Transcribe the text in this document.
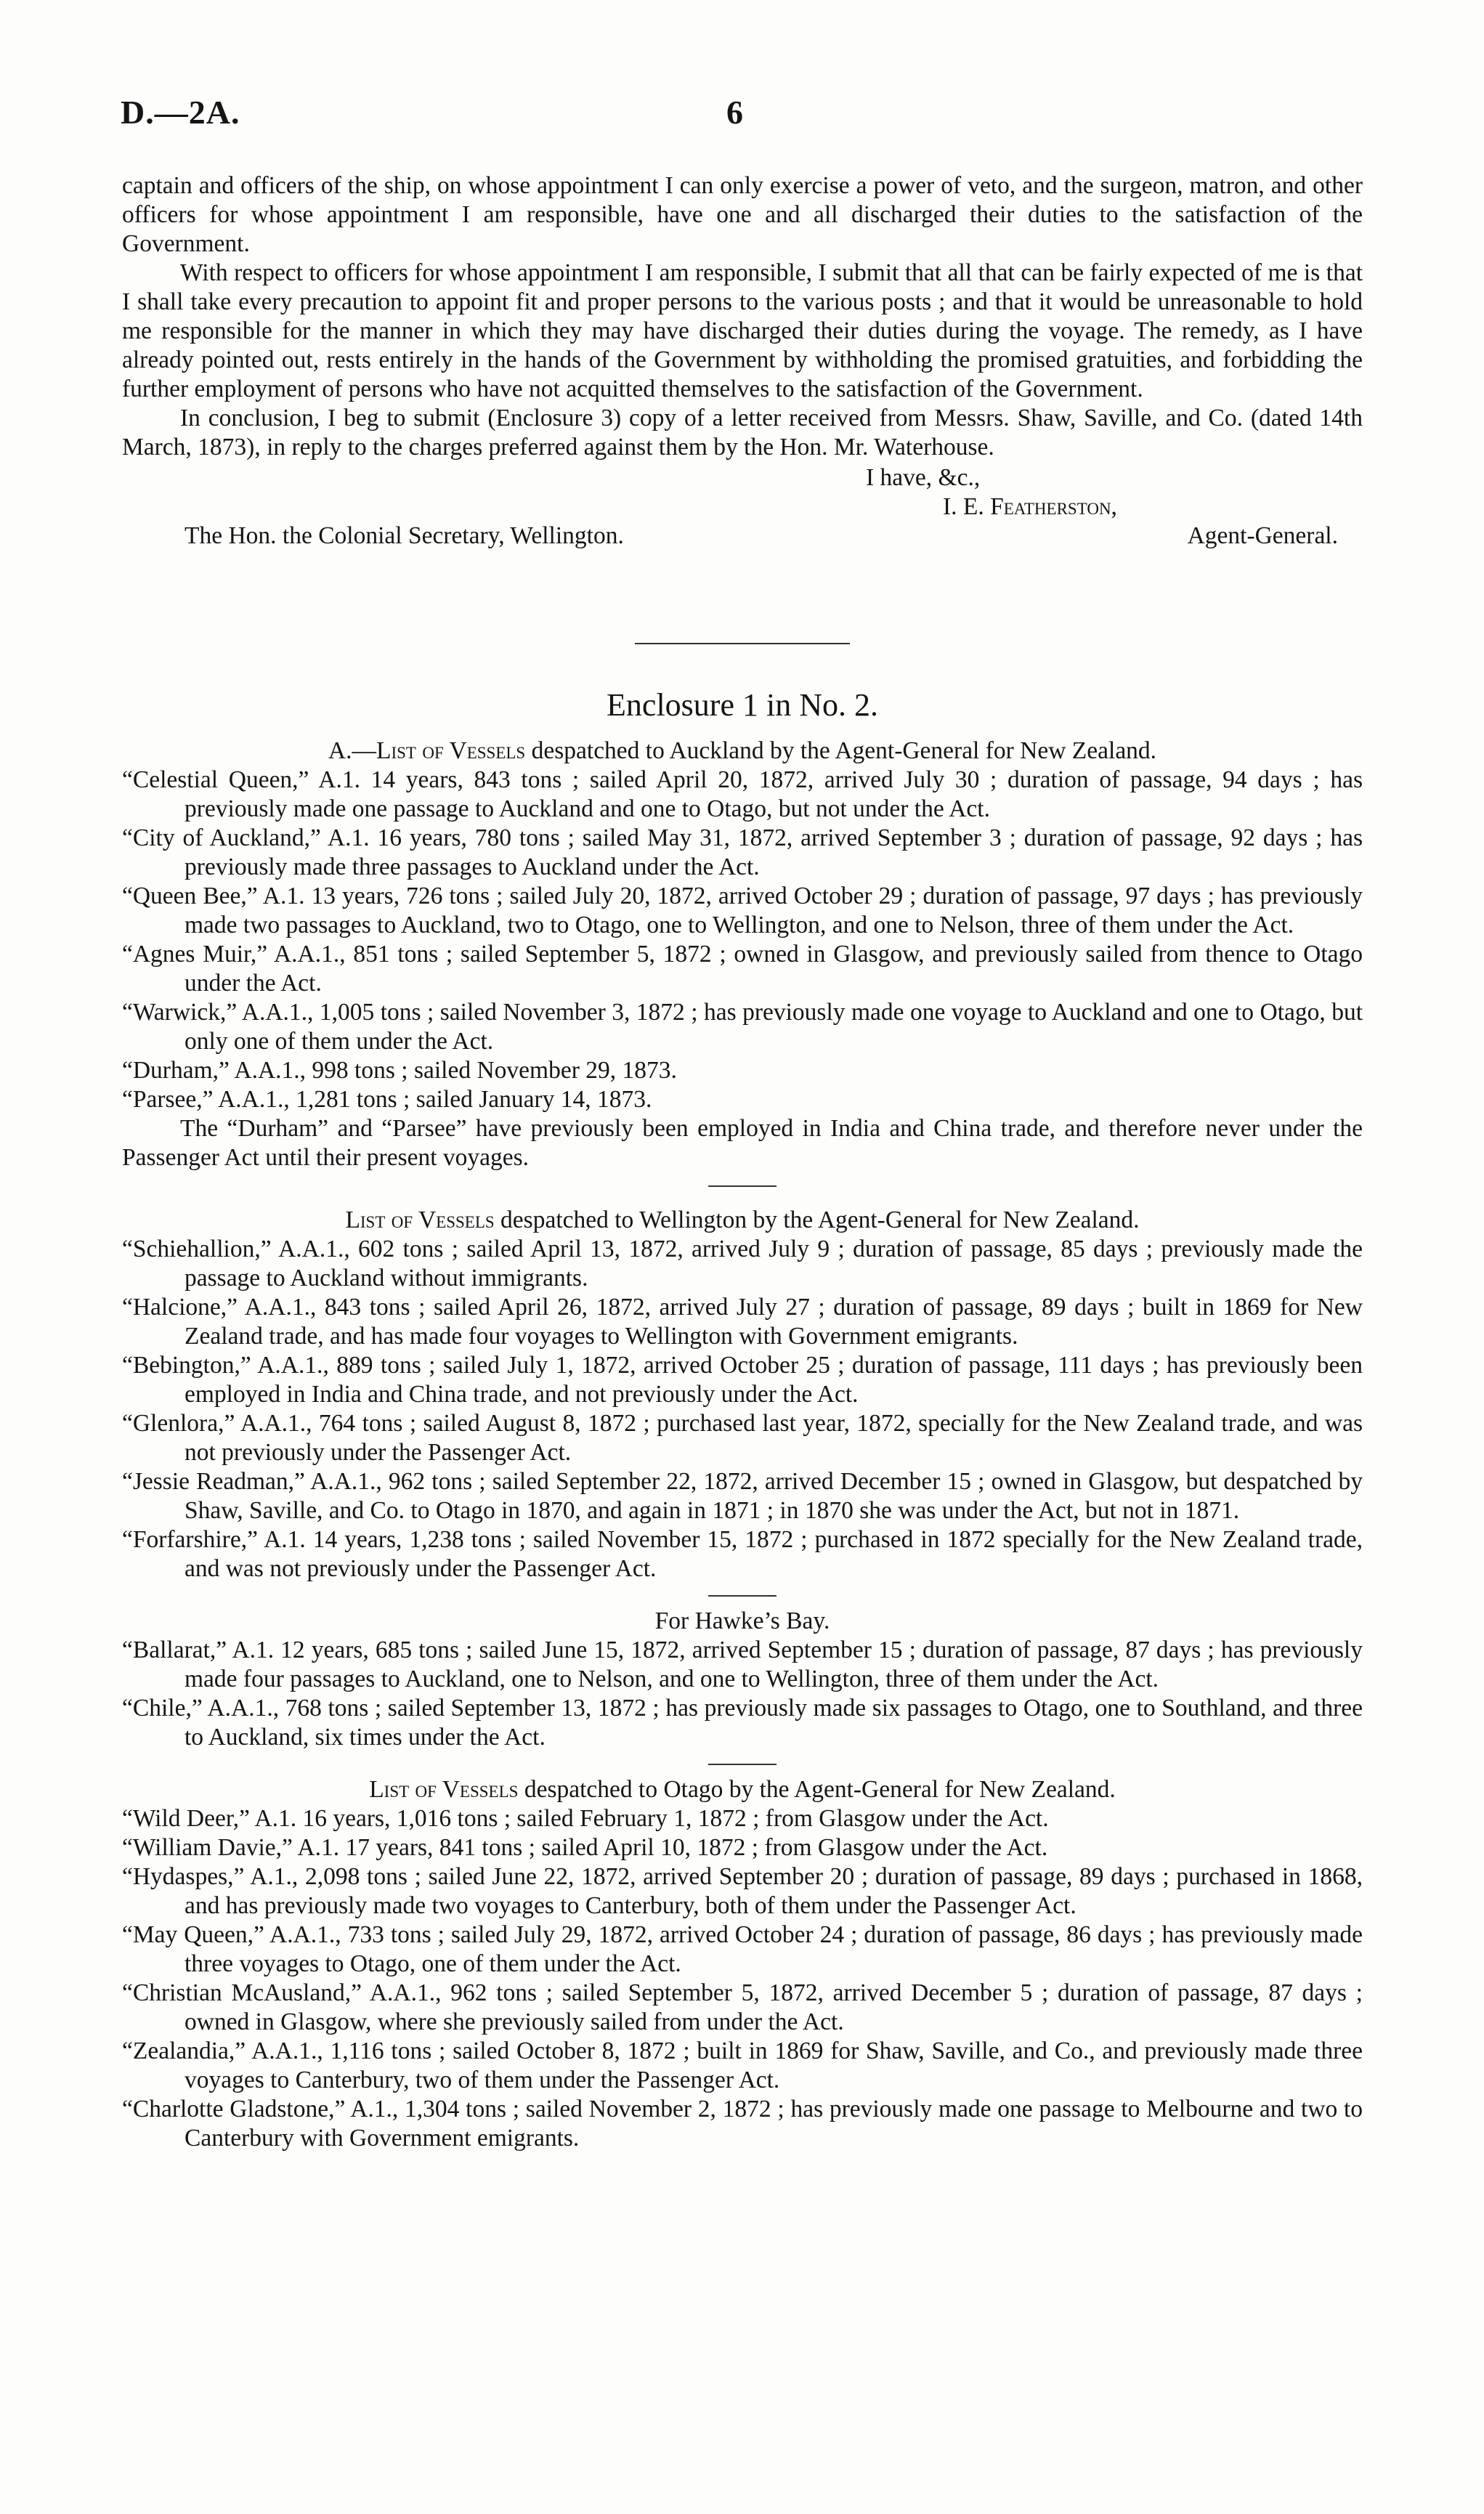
D.—2A.	6

captain and officers of the ship, on whose appointment I can only exercise a power of veto, and the surgeon, matron, and other officers for whose appointment I am responsible, have one and all discharged their duties to the satisfaction of the Government.

With respect to officers for whose appointment I am responsible, I submit that all that can be fairly expected of me is that I shall take every precaution to appoint fit and proper persons to the various posts ; and that it would be unreasonable to hold me responsible for the manner in which they may have discharged their duties during the voyage. The remedy, as I have already pointed out, rests entirely in the hands of the Government by withholding the promised gratuities, and forbidding the further employment of persons who have not acquitted themselves to the satisfaction of the Government.

In conclusion, I beg to submit (Enclosure 3) copy of a letter received from Messrs. Shaw, Saville, and Co. (dated 14th March, 1873), in reply to the charges preferred against them by the Hon. Mr. Waterhouse.

I have, &c.,
I. E. Featherston,
The Hon. the Colonial Secretary, Wellington.	Agent-General.
Enclosure 1 in No. 2.

A.—List of Vessels despatched to Auckland by the Agent-General for New Zealand.

“Celestial Queen,” A.1. 14 years, 843 tons ; sailed April 20, 1872, arrived July 30 ; duration of passage, 94 days ; has previously made one passage to Auckland and one to Otago, but not under the Act.

“City of Auckland,” A.1. 16 years, 780 tons ; sailed May 31, 1872, arrived September 3 ; duration of passage, 92 days ; has previously made three passages to Auckland under the Act.

“Queen Bee,” A.1. 13 years, 726 tons ; sailed July 20, 1872, arrived October 29 ; duration of passage, 97 days ; has previously made two passages to Auckland, two to Otago, one to Wellington, and one to Nelson, three of them under the Act.

“Agnes Muir,” A.A.1., 851 tons ; sailed September 5, 1872 ; owned in Glasgow, and previously sailed from thence to Otago under the Act.

“Warwick,” A.A.1., 1,005 tons ; sailed November 3, 1872 ; has previously made one voyage to Auckland and one to Otago, but only one of them under the Act.

“Durham,” A.A.1., 998 tons ; sailed November 29, 1873.

“Parsee,” A.A.1., 1,281 tons ; sailed January 14, 1873.

The “Durham” and “Parsee” have previously been employed in India and China trade, and therefore never under the Passenger Act until their present voyages.

List of Vessels despatched to Wellington by the Agent-General for New Zealand.

“Schiehallion,” A.A.1., 602 tons ; sailed April 13, 1872, arrived July 9 ; duration of passage, 85 days ; previously made the passage to Auckland without immigrants.

“Halcione,” A.A.1., 843 tons ; sailed April 26, 1872, arrived July 27 ; duration of passage, 89 days ; built in 1869 for New Zealand trade, and has made four voyages to Wellington with Government emigrants.

“Bebington,” A.A.1., 889 tons ; sailed July 1, 1872, arrived October 25 ; duration of passage, 111 days ; has previously been employed in India and China trade, and not previously under the Act.

“Glenlora,” A.A.1., 764 tons ; sailed August 8, 1872 ; purchased last year, 1872, specially for the New Zealand trade, and was not previously under the Passenger Act.

“Jessie Readman,” A.A.1., 962 tons ; sailed September 22, 1872, arrived December 15 ; owned in Glasgow, but despatched by Shaw, Saville, and Co. to Otago in 1870, and again in 1871 ; in 1870 she was under the Act, but not in 1871.

“Forfarshire,” A.1. 14 years, 1,238 tons ; sailed November 15, 1872 ; purchased in 1872 specially for the New Zealand trade, and was not previously under the Passenger Act.

For Hawke’s Bay.

“Ballarat,” A.1. 12 years, 685 tons ; sailed June 15, 1872, arrived September 15 ; duration of passage, 87 days ; has previously made four passages to Auckland, one to Nelson, and one to Wellington, three of them under the Act.

“Chile,” A.A.1., 768 tons ; sailed September 13, 1872 ; has previously made six passages to Otago, one to Southland, and three to Auckland, six times under the Act.

List of Vessels despatched to Otago by the Agent-General for New Zealand.

“Wild Deer,” A.1. 16 years, 1,016 tons ; sailed February 1, 1872 ; from Glasgow under the Act.

“William Davie,” A.1. 17 years, 841 tons ; sailed April 10, 1872 ; from Glasgow under the Act.

“Hydaspes,” A.1., 2,098 tons ; sailed June 22, 1872, arrived September 20 ; duration of passage, 89 days ; purchased in 1868, and has previously made two voyages to Canterbury, both of them under the Passenger Act.

“May Queen,” A.A.1., 733 tons ; sailed July 29, 1872, arrived October 24 ; duration of passage, 86 days ; has previously made three voyages to Otago, one of them under the Act.

“Christian McAusland,” A.A.1., 962 tons ; sailed September 5, 1872, arrived December 5 ; duration of passage, 87 days ; owned in Glasgow, where she previously sailed from under the Act.

“Zealandia,” A.A.1., 1,116 tons ; sailed October 8, 1872 ; built in 1869 for Shaw, Saville, and Co., and previously made three voyages to Canterbury, two of them under the Passenger Act.

“Charlotte Gladstone,” A.1., 1,304 tons ; sailed November 2, 1872 ; has previously made one passage to Melbourne and two to Canterbury with Government emigrants.
